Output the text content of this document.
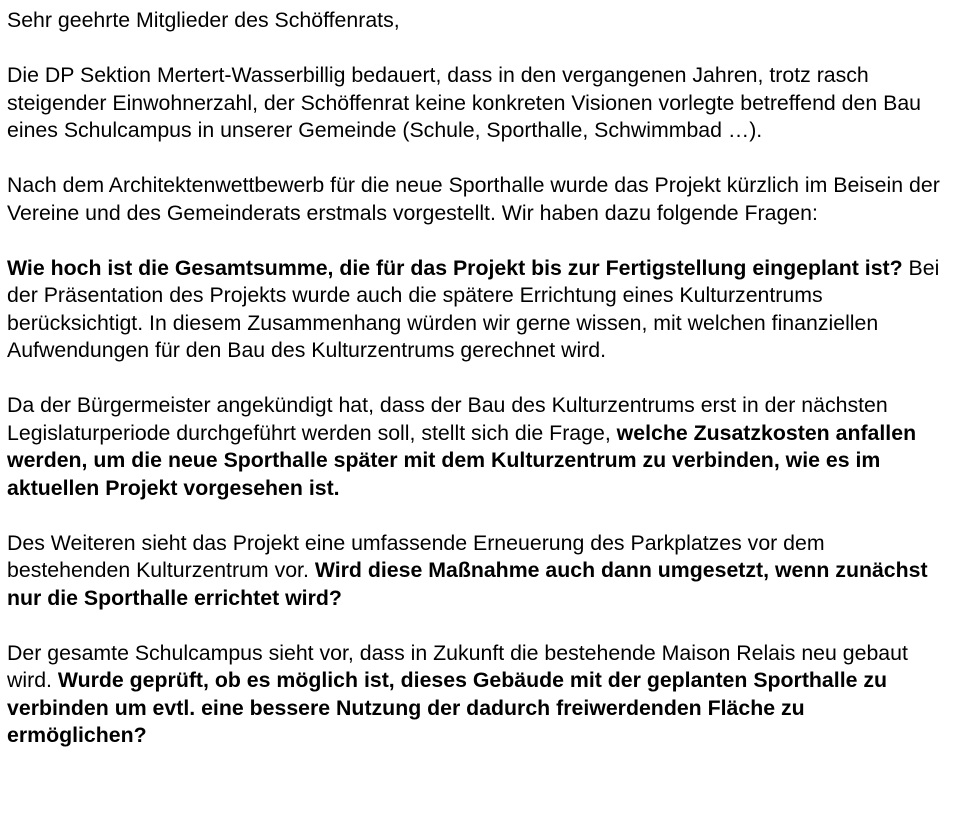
Sehr geehrte Mitglieder des Schöffenrats,

Die DP Sektion Mertert-Wasserbillig bedauert, dass in den vergangenen Jahren, trotz rasch steigender Einwohnerzahl, der Schöffenrat keine konkreten Visionen vorlegte betreffend den Bau eines Schulcampus in unserer Gemeinde (Schule, Sporthalle, Schwimmbad …).

Nach dem Architektenwettbewerb für die neue Sporthalle wurde das Projekt kürzlich im Beisein der Vereine und des Gemeinderats erstmals vorgestellt. Wir haben dazu folgende Fragen:

Wie hoch ist die Gesamtsumme, die für das Projekt bis zur Fertigstellung eingeplant ist? Bei der Präsentation des Projekts wurde auch die spätere Errichtung eines Kulturzentrums berücksichtigt. In diesem Zusammenhang würden wir gerne wissen, mit welchen finanziellen Aufwendungen für den Bau des Kulturzentrums gerechnet wird.

Da der Bürgermeister angekündigt hat, dass der Bau des Kulturzentrums erst in der nächsten Legislaturperiode durchgeführt werden soll, stellt sich die Frage, welche Zusatzkosten anfallen werden, um die neue Sporthalle später mit dem Kulturzentrum zu verbinden, wie es im aktuellen Projekt vorgesehen ist.

Des Weiteren sieht das Projekt eine umfassende Erneuerung des Parkplatzes vor dem bestehenden Kulturzentrum vor. Wird diese Maßnahme auch dann umgesetzt, wenn zunächst nur die Sporthalle errichtet wird?

Der gesamte Schulcampus sieht vor, dass in Zukunft die bestehende Maison Relais neu gebaut wird. Wurde geprüft, ob es möglich ist, dieses Gebäude mit der geplanten Sporthalle zu verbinden um evtl. eine bessere Nutzung der dadurch freiwerdenden Fläche zu ermöglichen?
